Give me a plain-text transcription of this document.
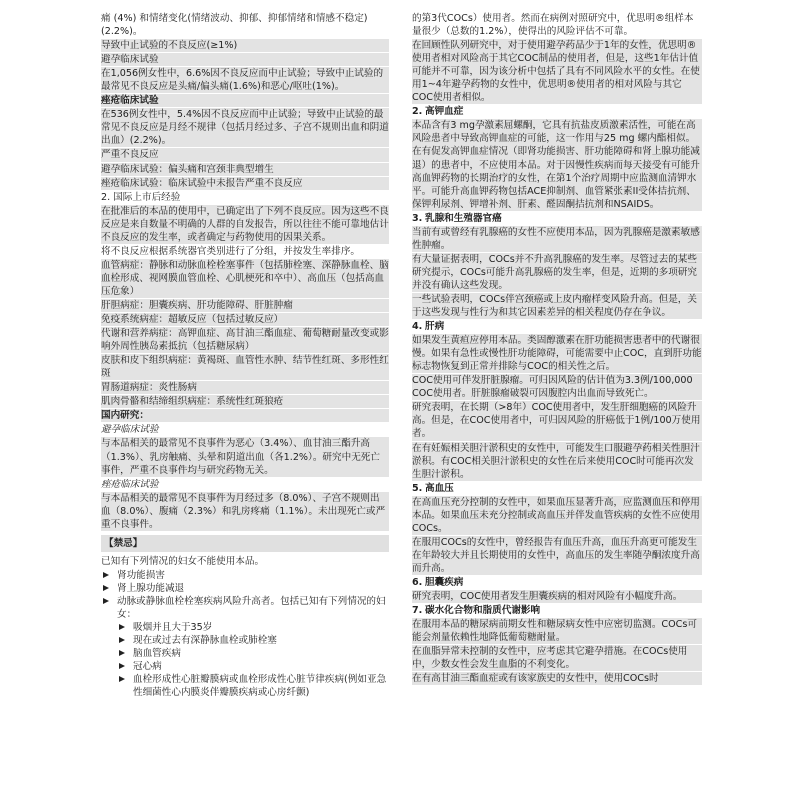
痛 (4%) 和情绪变化(情绪波动、抑郁、抑郁情绪和情感不稳定)(2.2%)。
导致中止试验的不良反应(≥1%)
避孕临床试验
在1,056例女性中，6.6%因不良反应而中止试验；导致中止试验的最常见不良反应是头痛/偏头痛(1.6%)和恶心/呕吐(1%)。
痤疮临床试验
在536例女性中，5.4%因不良反应而中止试验；导致中止试验的最常见不良反应是月经不规律（包括月经过多、子宫不规则出血和阴道出血）(2.2%)。
严重不良反应
避孕临床试验：偏头痛和宫颈非典型增生
痤疮临床试验：临床试验中未报告严重不良反应
2. 国际上市后经验
在批准后的本品的使用中，已确定出了下列不良反应。因为这些不良反应是来自数量不明确的人群的自发报告，所以往往不能可靠地估计不良反应的发生率，或者确定与药物使用的因果关系。
将不良反应根据系统器官类别进行了分组，并按发生率排序。
血管病症：静脉和动脉血栓栓塞事件（包括肺栓塞、深静脉血栓、脑血栓形成、视网膜血管血栓、心肌梗死和卒中）、高血压（包括高血压危象）
肝胆病症：胆囊疾病、肝功能障碍、肝脏肿瘤
免疫系统病症：超敏反应（包括过敏反应）
代谢和营养病症：高钾血症、高甘油三酯血症、葡萄糖耐量改变或影响外周性胰岛素抵抗（包括糖尿病）
皮肤和皮下组织病症：黄褐斑、血管性水肿、结节性红斑、多形性红斑
胃肠道病症：炎性肠病
肌肉骨骼和结缔组织病症：系统性红斑狼疮
国内研究：
避孕临床试验
与本品相关的最常见不良事件为恶心（3.4%）、血甘油三酯升高（1.3%）、乳房触痛、头晕和阴道出血（各1.2%）。研究中无死亡事件，严重不良事件均与研究药物无关。
痤疮临床试验
与本品相关的最常见不良事件为月经过多（8.0%）、子宫不规则出血（8.0%）、腹痛（2.3%）和乳房疼痛（1.1%）。未出现死亡或严重不良事件。
【禁忌】
已知有下列情况的妇女不能使用本品。
肾功能损害
肾上腺功能减退
动脉或静脉血栓栓塞疾病风险升高者。包括已知有下列情况的妇女：
吸烟并且大于35岁
现在或过去有深静脉血栓或肺栓塞
脑血管疾病
冠心病
血栓形成性心脏瓣膜病或血栓形成性心脏节律疾病(例如亚急性细菌性心内膜炎伴瓣膜疾病或心房纤颤)
的第3代COCs）使用者。然而在病例对照研究中，优思明®组样本量很少（总数的1.2%），使得出的风险评估不可靠。
在回顾性队列研究中，对于使用避孕药品少于1年的女性，优思明®使用者相对风险高于其它COC制品的使用者，但是，这些1年估计值可能并不可靠，因为该分析中包括了具有不同风险水平的女性。在使用1~4年避孕药物的女性中，优思明®使用者的相对风险与其它COC使用者相似。
2. 高钾血症
本品含有3 mg孕激素屈螺酮，它具有抗盐皮质激素活性，可能在高风险患者中导致高钾血症的可能，这一作用与25 mg 螺内酯相似。在有促发高钾血症情况（即肾功能损害、肝功能障碍和肾上腺功能减退）的患者中，不应使用本品。对于因慢性疾病而每天接受有可能升高血钾药物的长期治疗的女性，在第1个治疗周期中应监测血清钾水平。可能升高血钾药物包括ACE抑制剂、血管紧张素II受体拮抗剂、保钾利尿剂、钾增补剂、肝素、醛固酮拮抗剂和NSAIDS。
3. 乳腺和生殖器官癌
当前有或曾经有乳腺癌的女性不应使用本品，因为乳腺癌是激素敏感性肿瘤。
有大量证据表明，COCs并不升高乳腺癌的发生率。尽管过去的某些研究提示，COCs可能升高乳腺癌的发生率，但是，近期的多项研究并没有确认这些发现。
一些试验表明，COCs伴宫颈癌或上皮内瘤样变风险升高。但是，关于这些发现与性行为和其它因素差异的相关程度仍存在争议。
4. 肝病
如果发生黄疸应停用本品。类固醇激素在肝功能损害患者中的代谢很慢。如果有急性或慢性肝功能障碍，可能需要中止COC，直到肝功能标志物恢复到正常并排除与COC的相关性之后。
COC使用可伴发肝脏腺瘤。可归因风险的估计值为3.3例/100,000 COC使用者。肝脏腺瘤破裂可因腹腔内出血而导致死亡。
研究表明，在长期（>8年）COC使用者中，发生肝细胞癌的风险升高。但是，在COC使用者中，可归因风险的肝癌低于1例/100万使用者。
在有妊娠相关胆汁淤积史的女性中，可能发生口服避孕药相关性胆汁淤积。有COC相关胆汁淤积史的女性在后来使用COC时可能再次发生胆汁淤积。
5. 高血压
在高血压充分控制的女性中，如果血压显著升高，应监测血压和停用本品。如果血压未充分控制或高血压并伴发血管疾病的女性不应使用COCs。
在服用COCs的女性中，曾经报告有血压升高，血压升高更可能发生在年龄较大并且长期使用的女性中，高血压的发生率随孕酮浓度升高而升高。
6. 胆囊疾病
研究表明，COC使用者发生胆囊疾病的相对风险有小幅度升高。
7. 碳水化合物和脂质代谢影响
在服用本品的糖尿病前期女性和糖尿病女性中应密切监测。COCs可能会剂量依赖性地降低葡萄糖耐量。
在血脂异常未控制的女性中，应考虑其它避孕措施。在COCs使用中，少数女性会发生血脂的不利变化。
在有高甘油三酯血症或有该家族史的女性中，使用COCs时
